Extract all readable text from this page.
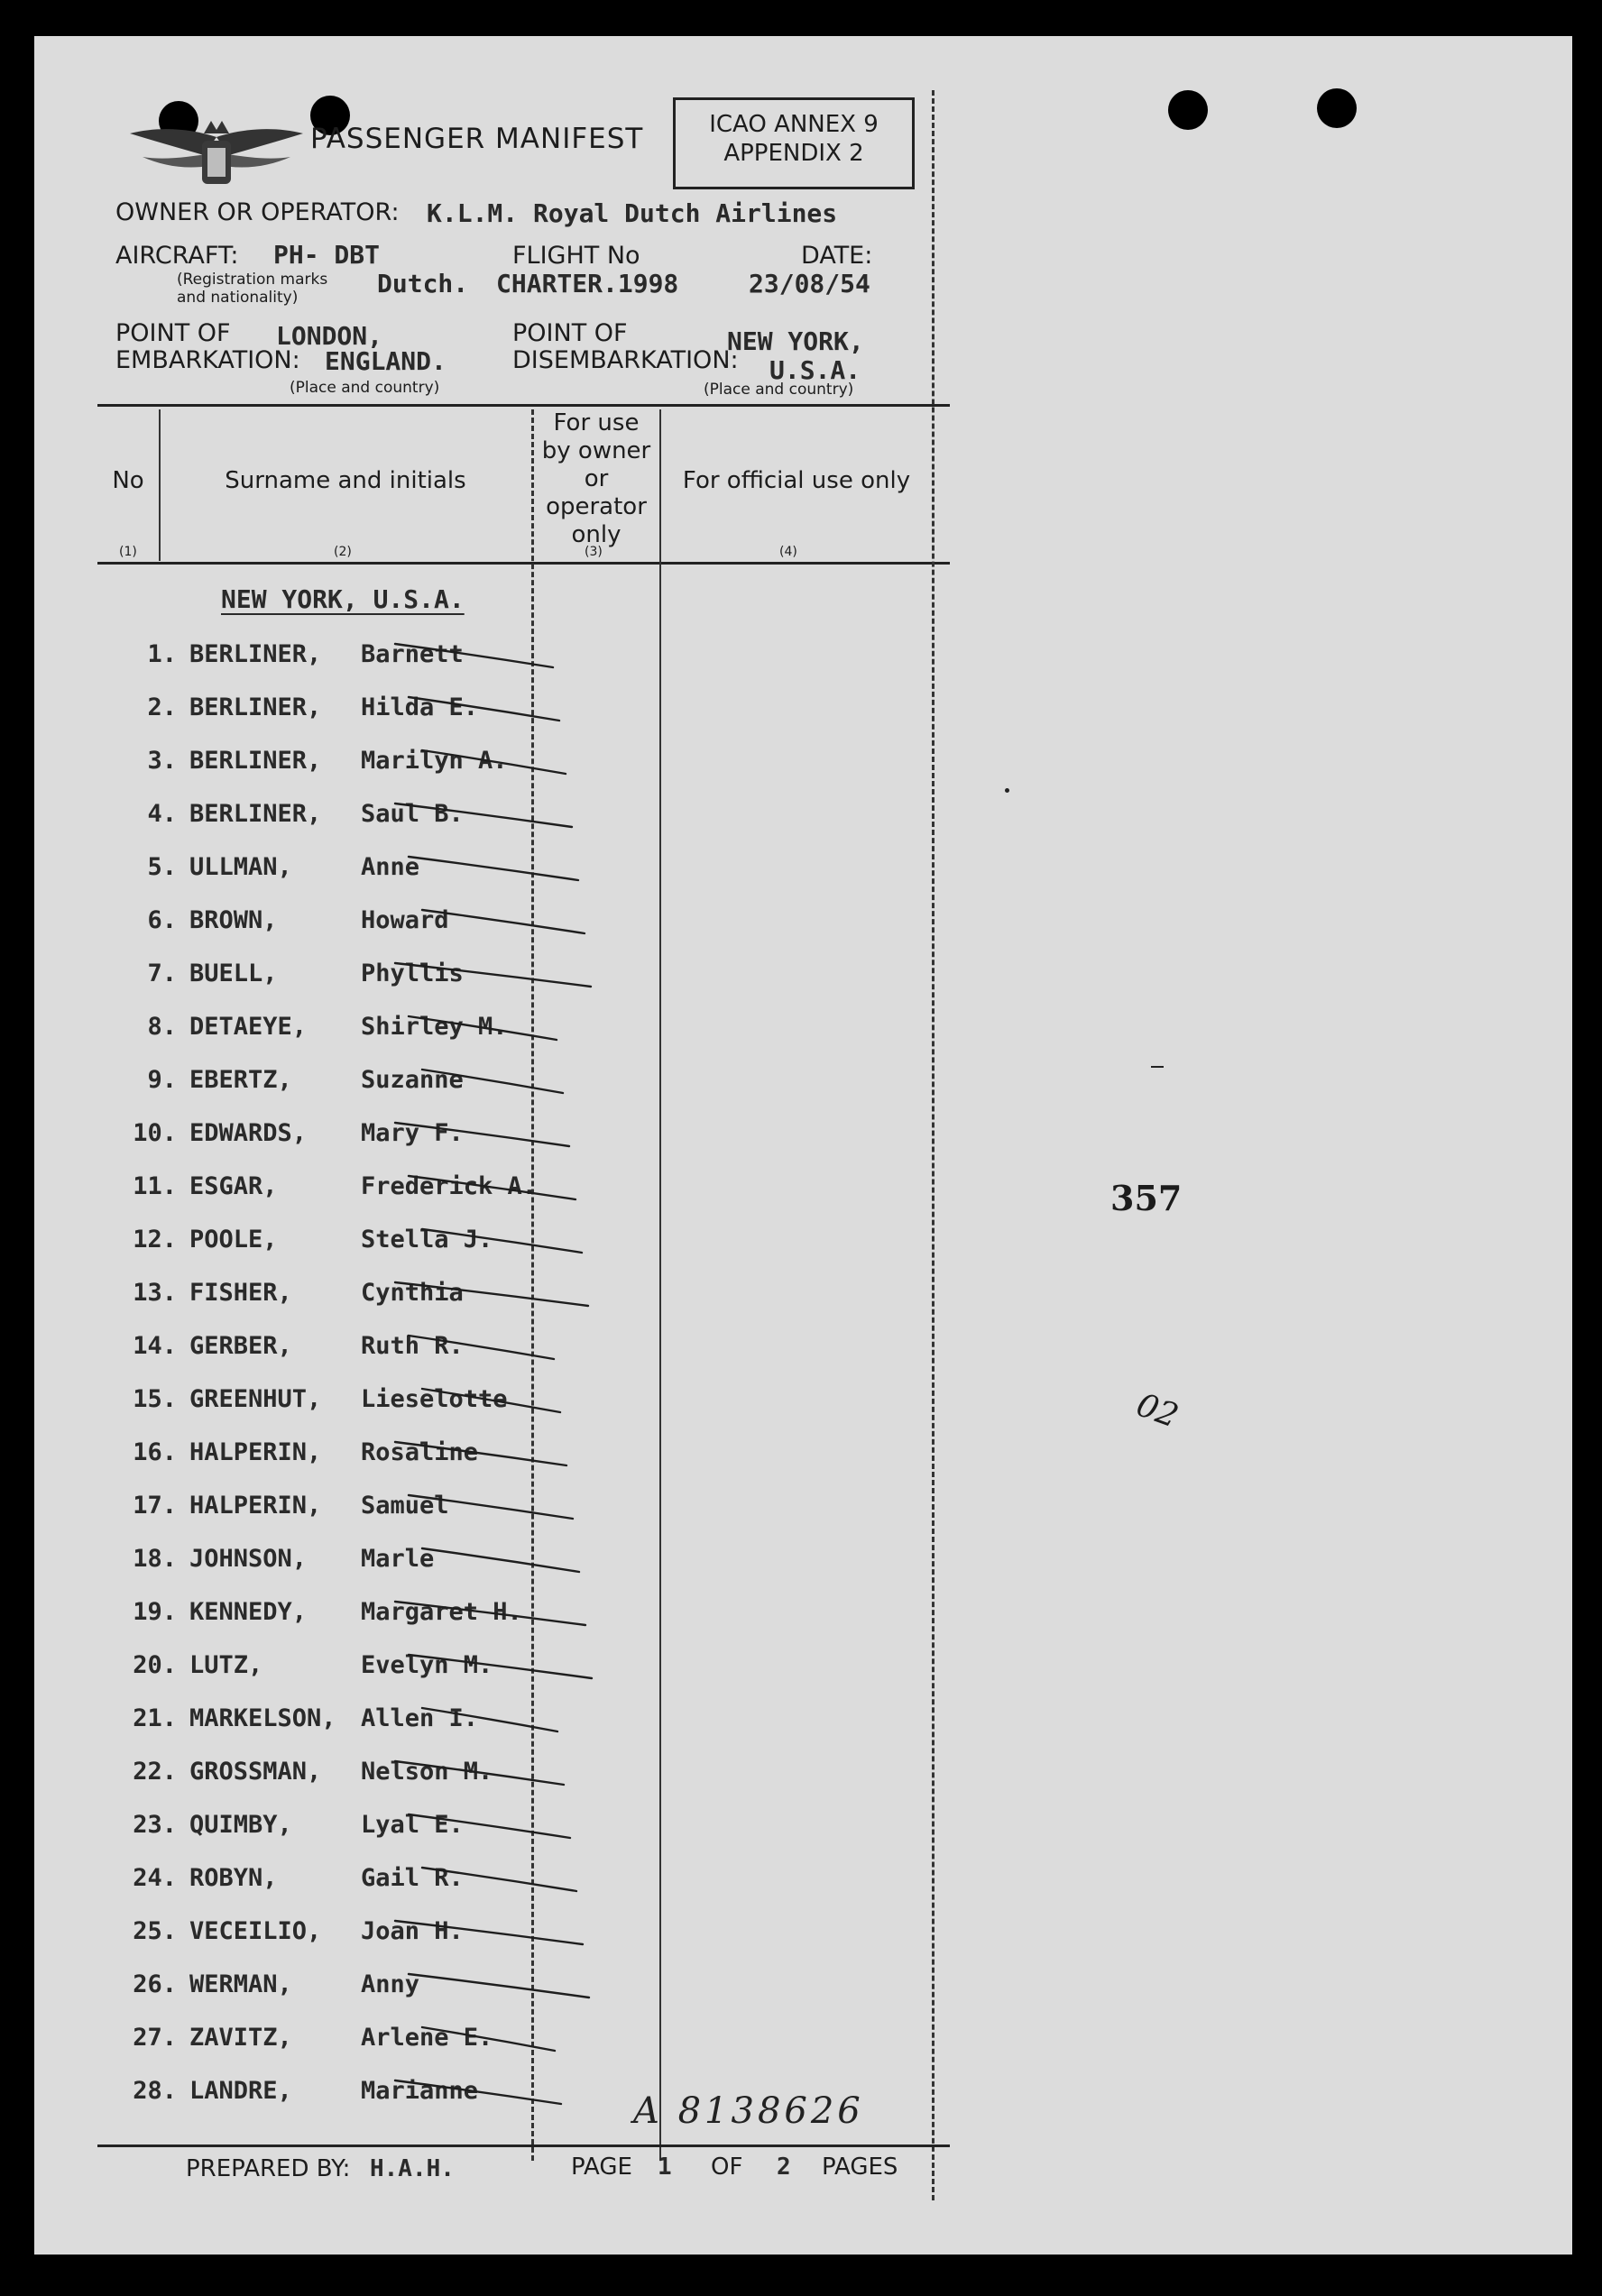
PASSENGER MANIFEST	ICAO ANNEX 9
APPENDIX 2
OWNER OR OPERATOR: K.L.M. Royal Dutch Airlines
AIRCRAFT: PH- DBT
(Registration marks
and nationality)	Dutch.
FLIGHT No
CHARTER.1998
DATE:
23/08/54
POINT OF
EMBARKATION:
LONDON,
ENGLAND.
(Place and country)
POINT OF
DISEMBARKATION:
NEW YORK,
U.S.A.
(Place and country)
No	Surname and initials
For use
by owner
or
operator
only
For official use only
(1)	(2)	(3)	(4)
NEW YORK, U.S.A.
1. BERLINER, Barnett
2. BERLINER, Hilda E.
3. BERLINER, Marilyn A.
4. BERLINER, Saul B.
5. ULLMAN,	Anne
6. BROWN,	Howard
7. BUELL,	Phyllis
8. DETAEYE, Shirley M.
9. EBERTZ,	Suzanne
10. EDWARDS, Mary F.
11. ESGAR,	Frederick A.
12. POOLE,	Stella J.
13. FISHER,	Cynthia
14. GERBER,	Ruth R.
15. GREENHUT, Lieselotte
16. HALPERIN, Rosaline
17. HALPERIN, Samuel
18. JOHNSON, Marle
19. KENNEDY, Margaret H.
20. LUTZ,	Evelyn M.
21. MARKELSON, Allen I.
22. GROSSMAN, Nelson M.
23. QUIMBY,	Lyal E.
24. ROBYN,	Gail R.
25. VECEILIO, Joan H.
26. WERMAN,	Anny
27. ZAVITZ,	Arlene E.
28. LANDRE,	Marianne	A 8138626
PREPARED BY: H.A.H.	PAGE 1 OF 2 PAGES
357
02
